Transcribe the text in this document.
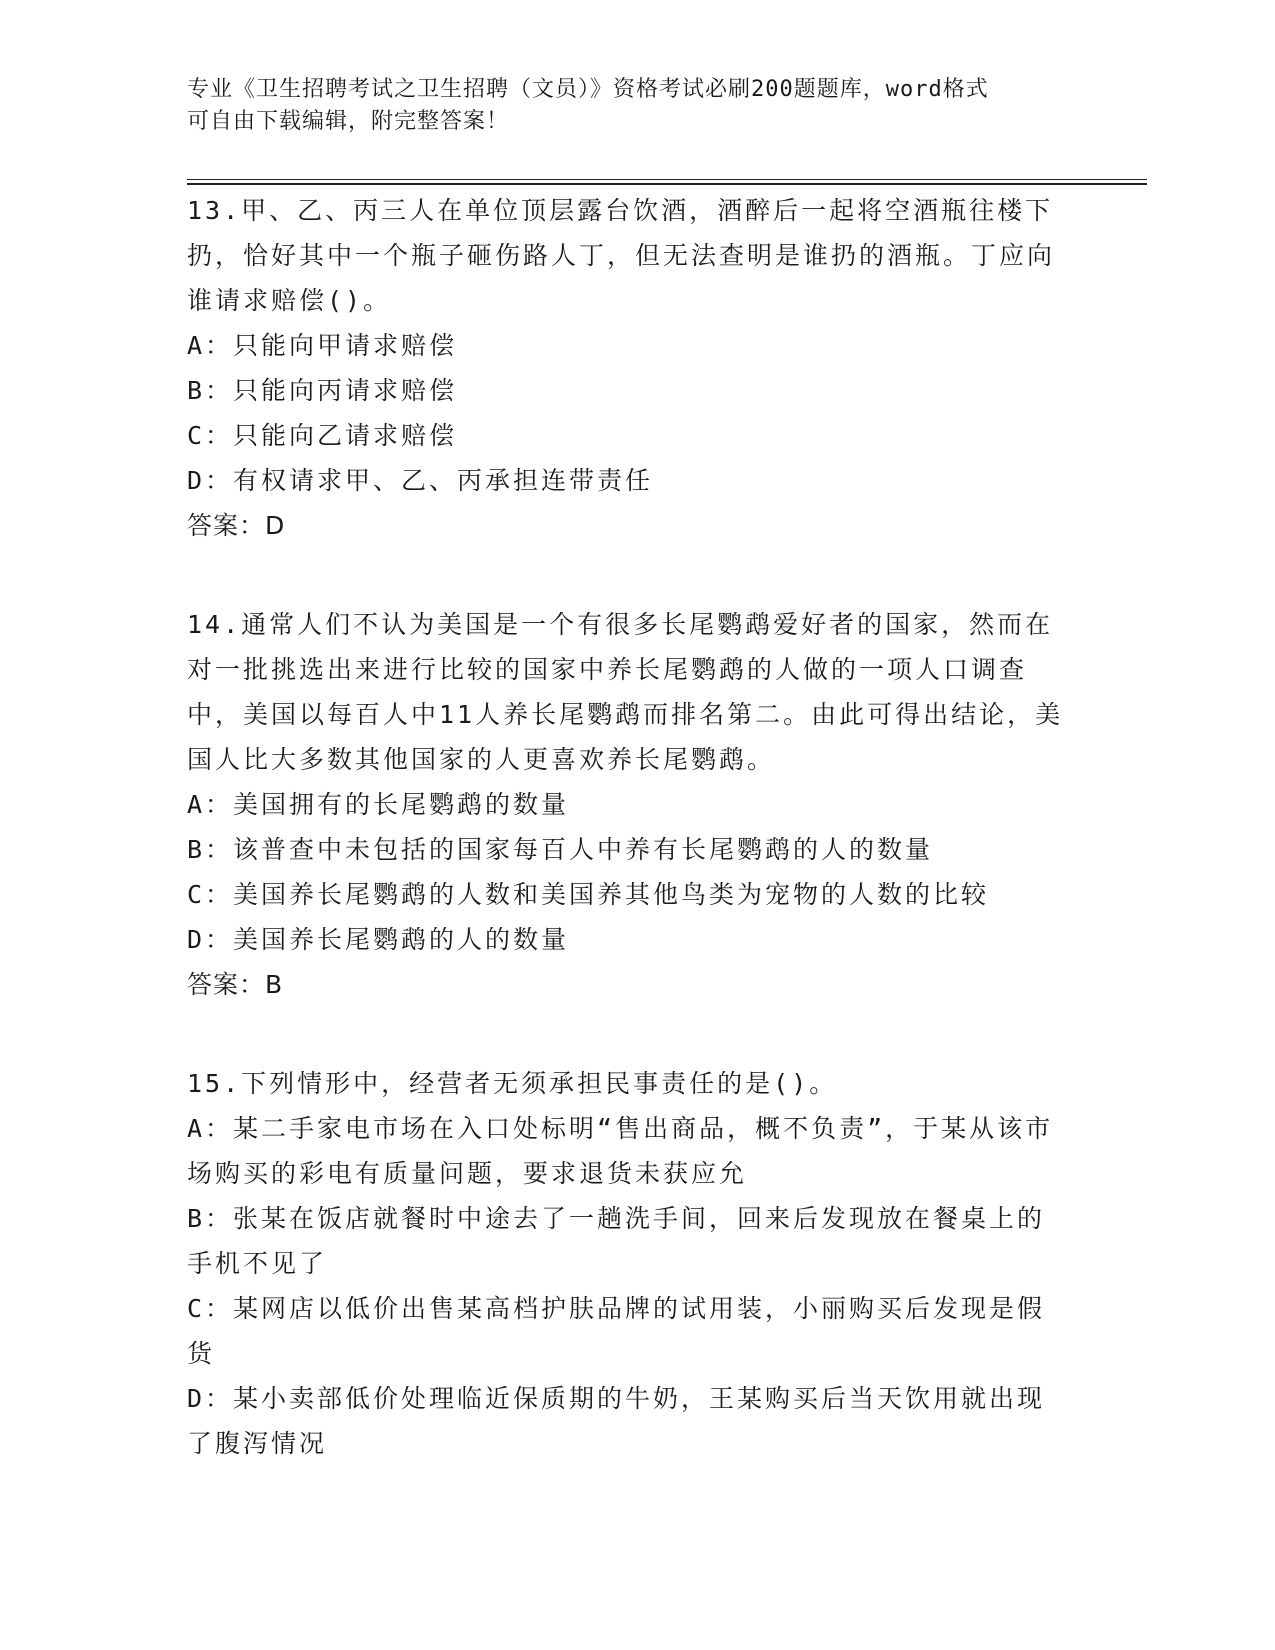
专业《卫生招聘考试之卫生招聘（文员）》资格考试必刷200题题库，word格式
可自由下载编辑，附完整答案！

13.甲、乙、丙三人在单位顶层露台饮酒，酒醉后一起将空酒瓶往楼下扔，恰好其中一个瓶子砸伤路人丁，但无法查明是谁扔的酒瓶。丁应向谁请求赔偿()。

A：只能向甲请求赔偿

B：只能向丙请求赔偿

C：只能向乙请求赔偿

D：有权请求甲、乙、丙承担连带责任

答案：D

14.通常人们不认为美国是一个有很多长尾鹦鹉爱好者的国家，然而在对一批挑选出来进行比较的国家中养长尾鹦鹉的人做的一项人口调查中，美国以每百人中11人养长尾鹦鹉而排名第二。由此可得出结论，美国人比大多数其他国家的人更喜欢养长尾鹦鹉。

A：美国拥有的长尾鹦鹉的数量

B：该普查中未包括的国家每百人中养有长尾鹦鹉的人的数量

C：美国养长尾鹦鹉的人数和美国养其他鸟类为宠物的人数的比较

D：美国养长尾鹦鹉的人的数量

答案：B

15.下列情形中，经营者无须承担民事责任的是()。

A：某二手家电市场在入口处标明“售出商品，概不负责”，于某从该市场购买的彩电有质量问题，要求退货未获应允

B：张某在饭店就餐时中途去了一趟洗手间，回来后发现放在餐桌上的手机不见了

C：某网店以低价出售某高档护肤品牌的试用装，小丽购买后发现是假货

D：某小卖部低价处理临近保质期的牛奶，王某购买后当天饮用就出现了腹泻情况
